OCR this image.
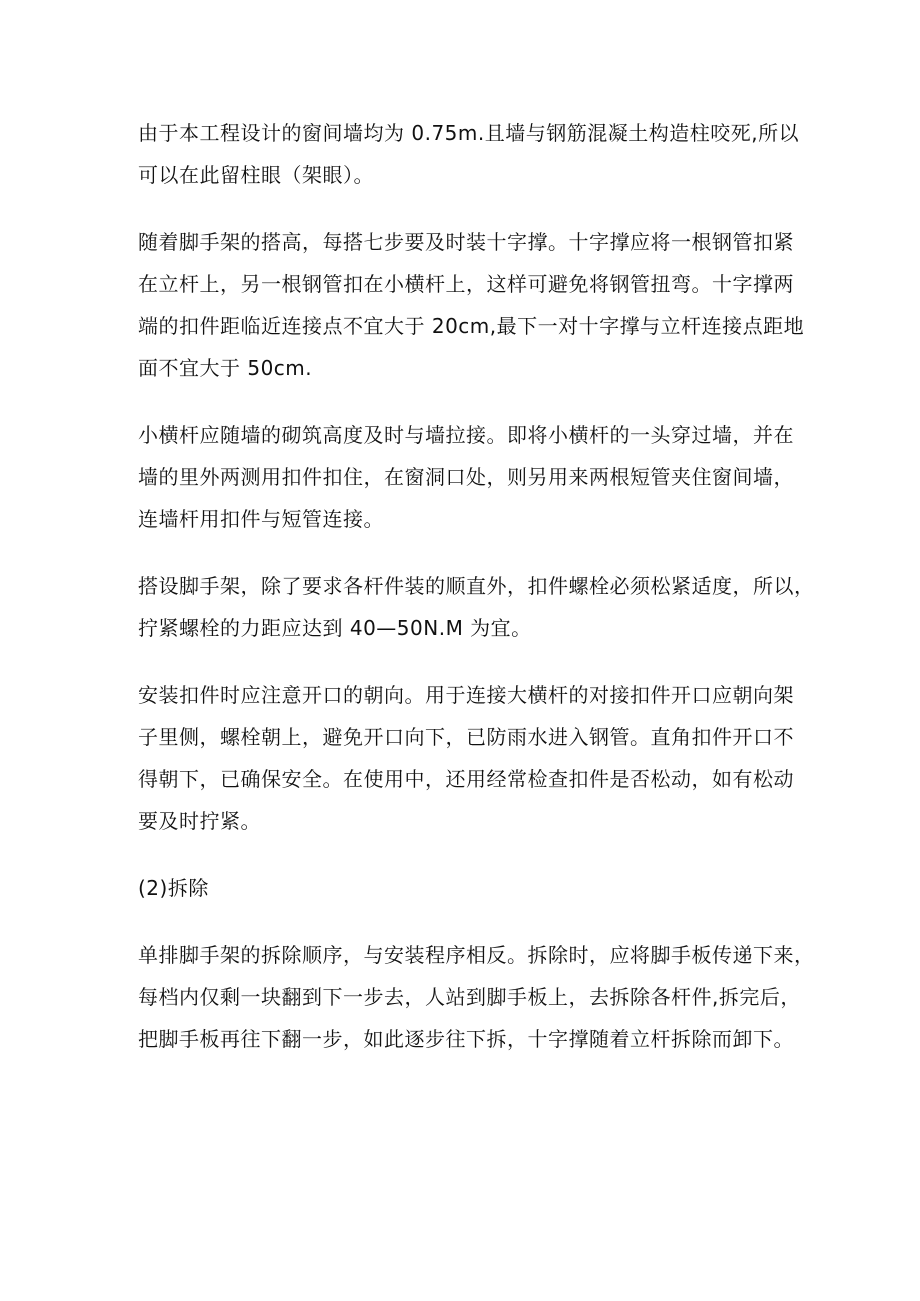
由于本工程设计的窗间墙均为 0.75m.且墙与钢筋混凝土构造柱咬死,所以
可以在此留柱眼（架眼）。

随着脚手架的搭高，每搭七步要及时装十字撑。十字撑应将一根钢管扣紧
在立杆上，另一根钢管扣在小横杆上，这样可避免将钢管扭弯。十字撑两
端的扣件距临近连接点不宜大于 20cm,最下一对十字撑与立杆连接点距地
面不宜大于 50cm.

小横杆应随墙的砌筑高度及时与墙拉接。即将小横杆的一头穿过墙，并在
墙的里外两测用扣件扣住，在窗洞口处，则另用来两根短管夹住窗间墙，
连墙杆用扣件与短管连接。

搭设脚手架，除了要求各杆件装的顺直外，扣件螺栓必须松紧适度，所以，
拧紧螺栓的力距应达到 40—50N.M 为宜。

安装扣件时应注意开口的朝向。用于连接大横杆的对接扣件开口应朝向架
子里侧，螺栓朝上，避免开口向下，已防雨水进入钢管。直角扣件开口不
得朝下，已确保安全。在使用中，还用经常检查扣件是否松动，如有松动
要及时拧紧。

(2)拆除

单排脚手架的拆除顺序，与安装程序相反。拆除时，应将脚手板传递下来，
每档内仅剩一块翻到下一步去，人站到脚手板上，去拆除各杆件,拆完后，
把脚手板再往下翻一步，如此逐步往下拆，十字撑随着立杆拆除而卸下。
